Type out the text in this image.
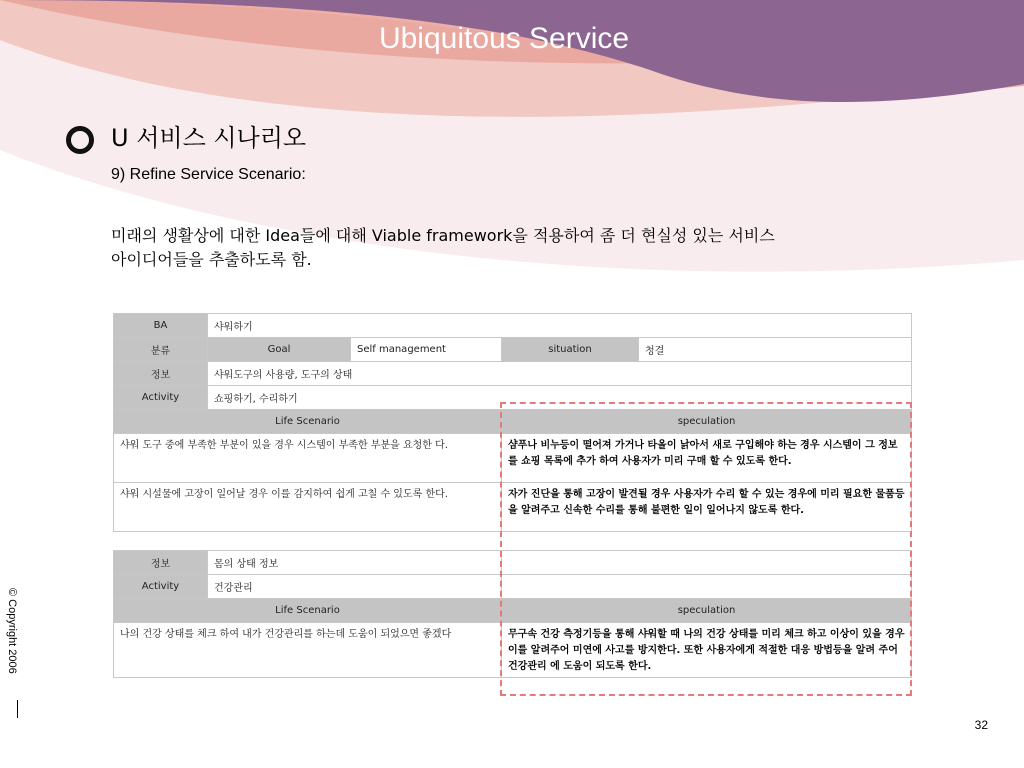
Ubiquitous Service
U 서비스 시나리오
9) Refine Service Scenario:
미래의 생활상에 대한 Idea들에 대해 Viable framework을 적용하여 좀 더 현실성 있는 서비스
아이디어들을 추출하도록 함.
BA	샤워하기			
분류	Goal	Self management	situation	청결
정보	샤워도구의 사용량, 도구의 상태			
Activity	쇼핑하기, 수리하기			
Life Scenario			speculation	
샤워 도구 중에 부족한 부분이 있을 경우 시스템이 부족한 부분을 요청한 다.			샴푸나 비누등이 떨어져 가거나 타올이 낡아서 새로 구입해야 하는 경우 시스템이 그 정보를 쇼핑 목록에 추가 하여 사용자가 미리 구매 할 수 있도록 한다.	
샤워 시설물에 고장이 일어날 경우 이를 감지하여 쉽게 고칠 수 있도록 한다.			자가 진단을 통해 고장이 발견될 경우 사용자가 수리 할 수 있는 경우에 미리 필요한 물품등을 알려주고 신속한 수리를 통해 불편한 일이 일어나지 않도록 한다.	

정보	몸의 상태 정보			
Activity	건강관리			
Life Scenario			speculation	
나의 건강 상태를 체크 하여 내가 건강관리를 하는데 도움이 되었으면 좋겠다			무구속 건강 측정기등을 통해 샤워할 때 나의 건강 상태를 미리 체크 하고 이상이 있을 경우 이를 알려주어 미연에 사고를 방지한다. 또한 사용자에게 적절한 대응 방법등을 알려 주어 건강관리 에 도움이 되도록 한다.	

© Copyright 2006
32
